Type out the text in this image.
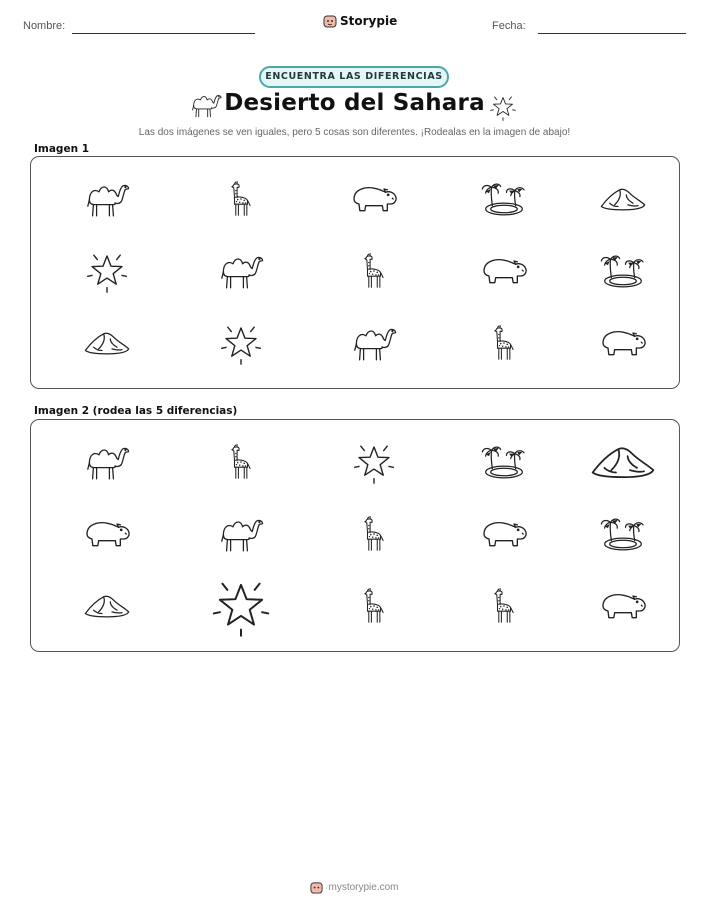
Nombre:	Storypie	Fecha:
ENCUENTRA LAS DIFERENCIAS
Desierto del Sahara
Las dos imágenes se ven iguales, pero 5 cosas son diferentes. ¡Rodealas en la imagen de abajo!
Imagen 1
Imagen 2 (rodea las 5 diferencias)
mystorypie.com
